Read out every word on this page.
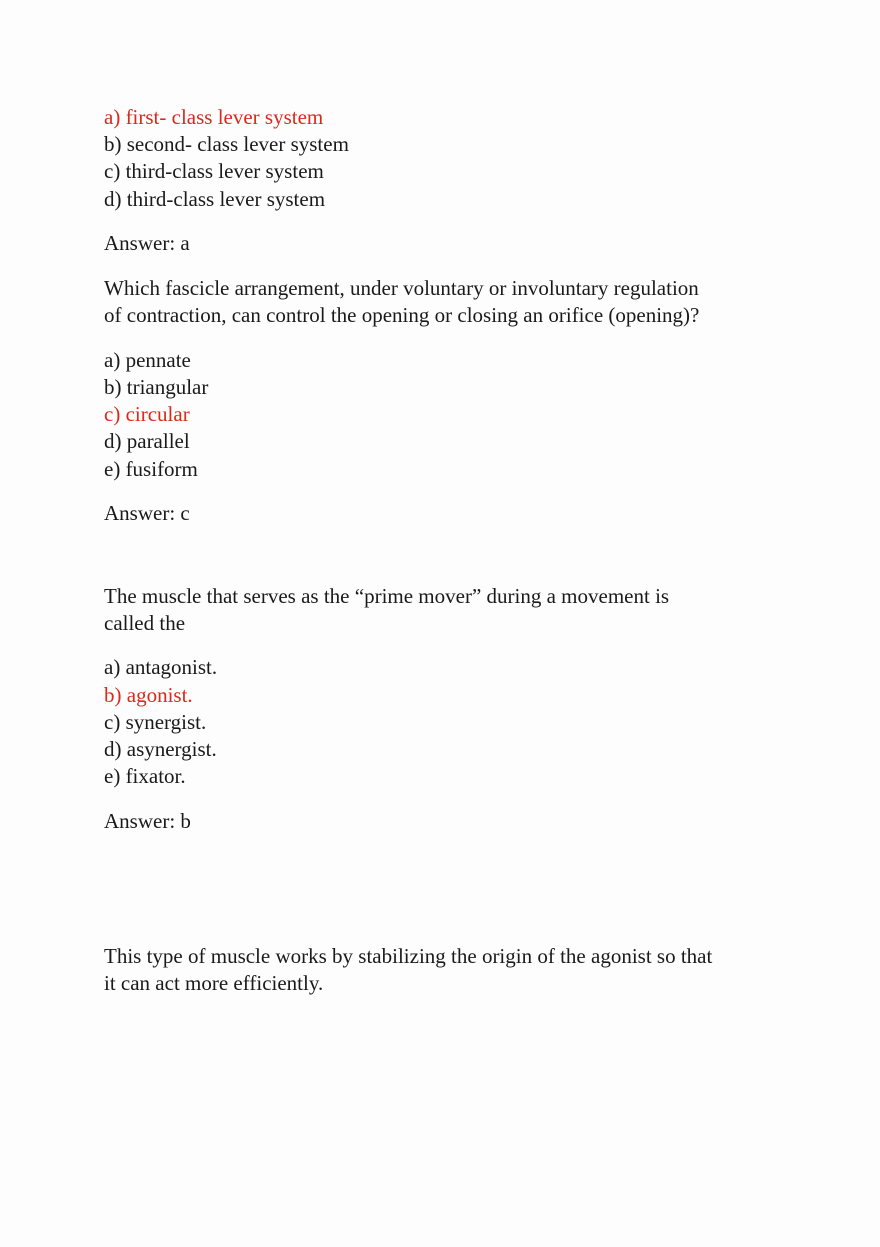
a) first- class lever system
b) second- class lever system
c) third-class lever system
d) third-class lever system
Answer: a
Which fascicle arrangement, under voluntary or involuntary regulation
of contraction, can control the opening or closing an orifice (opening)?
a) pennate
b) triangular
c) circular
d) parallel
e) fusiform
Answer: c
The muscle that serves as the “prime mover” during a movement is
called the
a) antagonist.
b) agonist.
c) synergist.
d) asynergist.
e) fixator.
Answer: b
This type of muscle works by stabilizing the origin of the agonist so that
it can act more efficiently.
